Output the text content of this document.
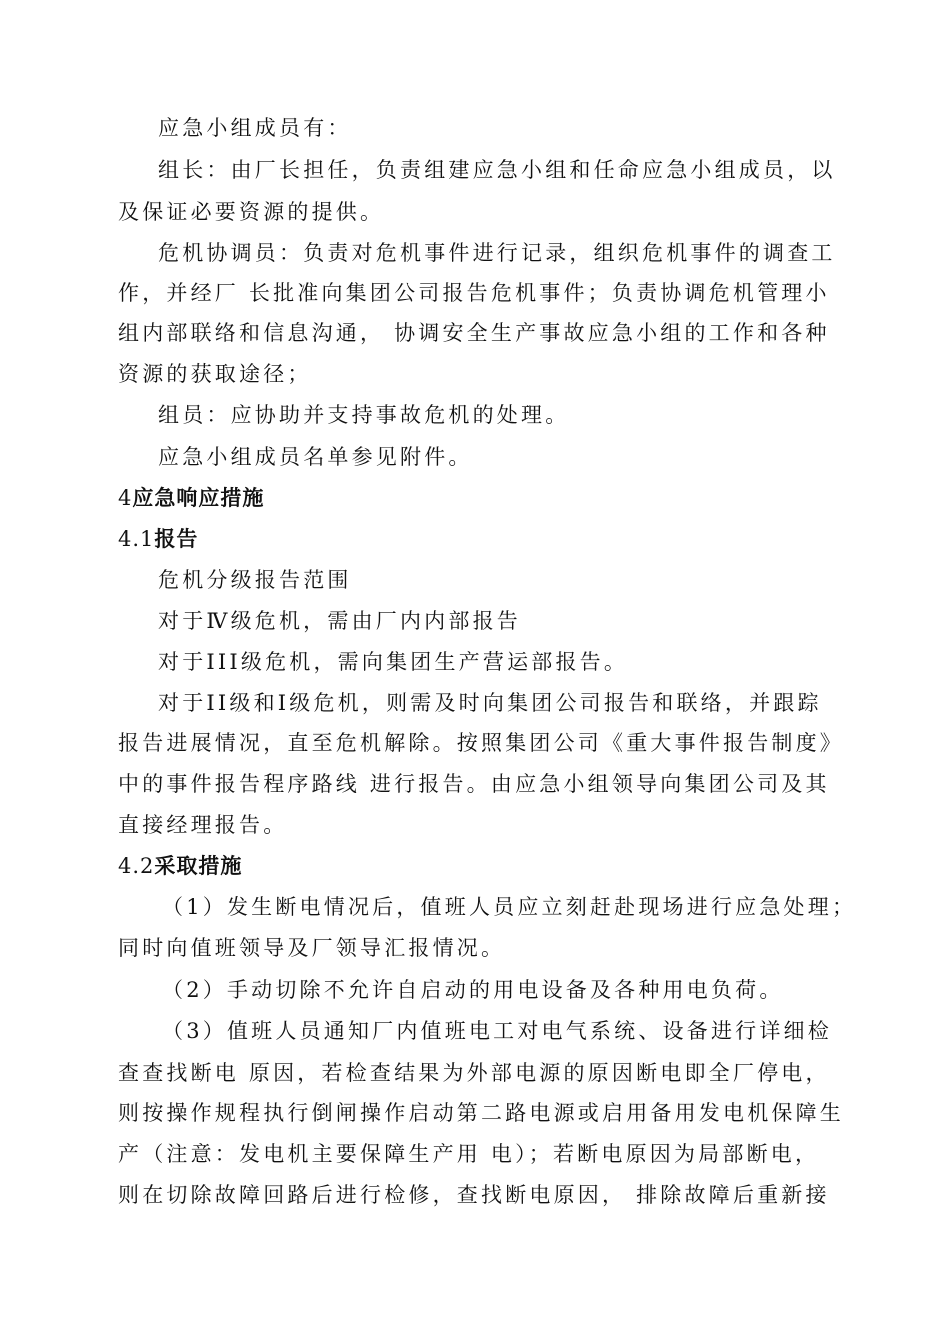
应急小组成员有：
组长：由厂长担任，负责组建应急小组和任命应急小组成员，以
及保证必要资源的提供。
危机协调员：负责对危机事件进行记录，组织危机事件的调查工
作，并经厂 长批准向集团公司报告危机事件；负责协调危机管理小
组内部联络和信息沟通， 协调安全生产事故应急小组的工作和各种
资源的获取途径；
组员：应协助并支持事故危机的处理。
应急小组成员名单参见附件。
4应急响应措施
4.1报告
危机分级报告范围
对于Ⅳ级危机，需由厂内内部报告
对于III级危机，需向集团生产营运部报告。
对于II级和I级危机，则需及时向集团公司报告和联络，并跟踪
报告进展情况，直至危机解除。按照集团公司《重大事件报告制度》
中的事件报告程序路线 进行报告。由应急小组领导向集团公司及其
直接经理报告。
4.2采取措施
（1）发生断电情况后，值班人员应立刻赶赴现场进行应急处理；
同时向值班领导及厂领导汇报情况。
（2）手动切除不允许自启动的用电设备及各种用电负荷。
（3）值班人员通知厂内值班电工对电气系统、设备进行详细检
查查找断电 原因，若检查结果为外部电源的原因断电即全厂停电，
则按操作规程执行倒闸操作启动第二路电源或启用备用发电机保障生
产（注意：发电机主要保障生产用 电）；若断电原因为局部断电，
则在切除故障回路后进行检修，查找断电原因， 排除故障后重新接
